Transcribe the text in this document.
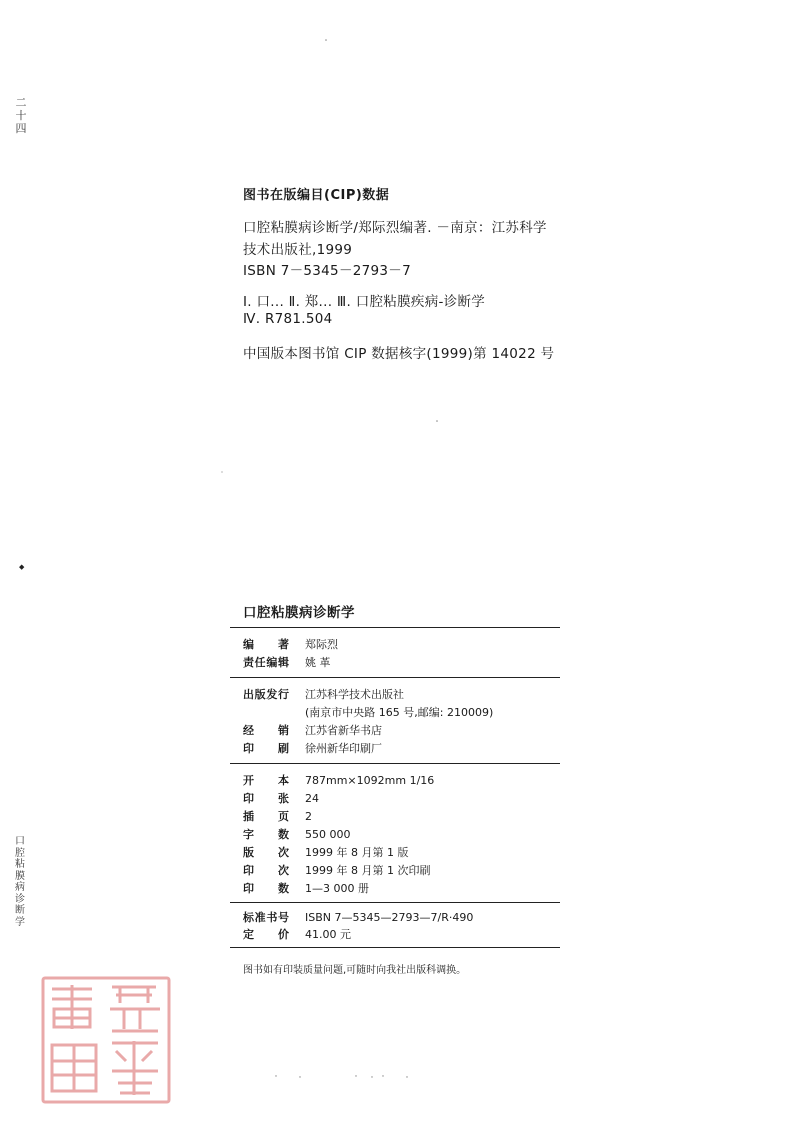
二
十
四
◆
口
腔
粘
膜
病
诊
断
学
图书在版编目(CIP)数据
口腔粘膜病诊断学/郑际烈编著. －南京：江苏科学
技术出版社,1999
ISBN 7－5345－2793－7
Ⅰ. 口... Ⅱ. 郑... Ⅲ. 口腔粘膜疾病-诊断学
Ⅳ. R781.504
中国版本图书馆 CIP 数据核字(1999)第 14022 号
口腔粘膜病诊断学
编 著 郑际烈
责任编辑 姚 革
出版发行 江苏科学技术出版社
(南京市中央路 165 号,邮编: 210009)
经 销 江苏省新华书店
印 刷 徐州新华印刷厂
开 本 787mm×1092mm 1/16
印 张 24
插 页 2
字 数 550 000
版 次 1999 年 8 月第 1 版
印 次 1999 年 8 月第 1 次印刷
印 数 1—3 000 册
标准书号 ISBN 7—5345—2793—7/R·490
定 价 41.00 元
图书如有印装质量问题,可随时向我社出版科调换。
